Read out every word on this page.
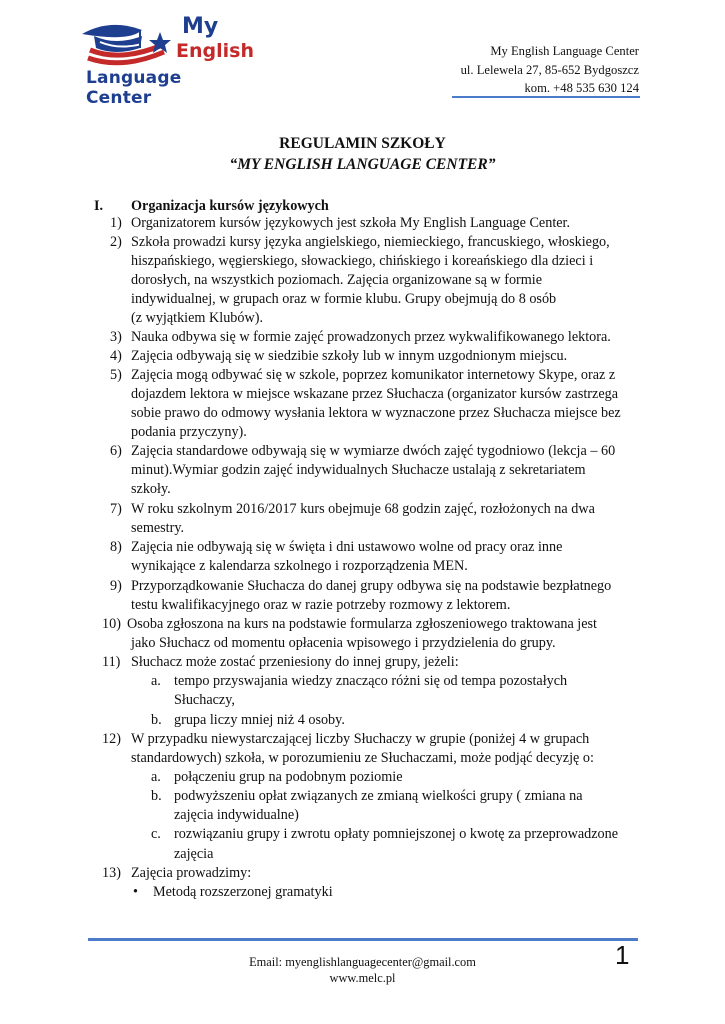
My
English
Language Center
My English Language Center
ul. Lelewela 27, 85-652 Bydgoszcz
kom. +48 535 630 124
REGULAMIN SZKOŁY
“MY ENGLISH LANGUAGE CENTER”
I. Organizacja kursów językowych
1) Organizatorem kursów językowych jest szkoła My English Language Center.
2) Szkoła prowadzi kursy języka angielskiego, niemieckiego, francuskiego, włoskiego,
hiszpańskiego, węgierskiego, słowackiego, chińskiego i koreańskiego dla dzieci i
dorosłych, na wszystkich poziomach. Zajęcia organizowane są w formie
indywidualnej, w grupach oraz w formie klubu. Grupy obejmują do 8 osób
(z wyjątkiem Klubów).
3) Nauka odbywa się w formie zajęć prowadzonych przez wykwalifikowanego lektora.
4) Zajęcia odbywają się w siedzibie szkoły lub w innym uzgodnionym miejscu.
5) Zajęcia mogą odbywać się w szkole, poprzez komunikator internetowy Skype, oraz z
dojazdem lektora w miejsce wskazane przez Słuchacza (organizator kursów zastrzega
sobie prawo do odmowy wysłania lektora w wyznaczone przez Słuchacza miejsce bez
podania przyczyny).
6) Zajęcia standardowe odbywają się w wymiarze dwóch zajęć tygodniowo (lekcja – 60
minut).Wymiar godzin zajęć indywidualnych Słuchacze ustalają z sekretariatem
szkoły.
7) W roku szkolnym 2016/2017 kurs obejmuje 68 godzin zajęć, rozłożonych na dwa
semestry.
8) Zajęcia nie odbywają się w święta i dni ustawowo wolne od pracy oraz inne
wynikające z kalendarza szkolnego i rozporządzenia MEN.
9) Przyporządkowanie Słuchacza do danej grupy odbywa się na podstawie bezpłatnego
testu kwalifikacyjnego oraz w razie potrzeby rozmowy z lektorem.
10) Osoba zgłoszona na kurs na podstawie formularza zgłoszeniowego traktowana jest
jako Słuchacz od momentu opłacenia wpisowego i przydzielenia do grupy.
11) Słuchacz może zostać przeniesiony do innej grupy, jeżeli:
a. tempo przyswajania wiedzy znacząco różni się od tempa pozostałych
Słuchaczy,
b. grupa liczy mniej niż 4 osoby.
12) W przypadku niewystarczającej liczby Słuchaczy w grupie (poniżej 4 w grupach
standardowych) szkoła, w porozumieniu ze Słuchaczami, może podjąć decyzję o:
a. połączeniu grup na podobnym poziomie
b. podwyższeniu opłat związanych ze zmianą wielkości grupy ( zmiana na
zajęcia indywidualne)
c. rozwiązaniu grupy i zwrotu opłaty pomniejszonej o kwotę za przeprowadzone
zajęcia
13) Zajęcia prowadzimy:
• Metodą rozszerzonej gramatyki
Email: myenglishlanguagecenter@gmail.com
www.melc.pl
1
